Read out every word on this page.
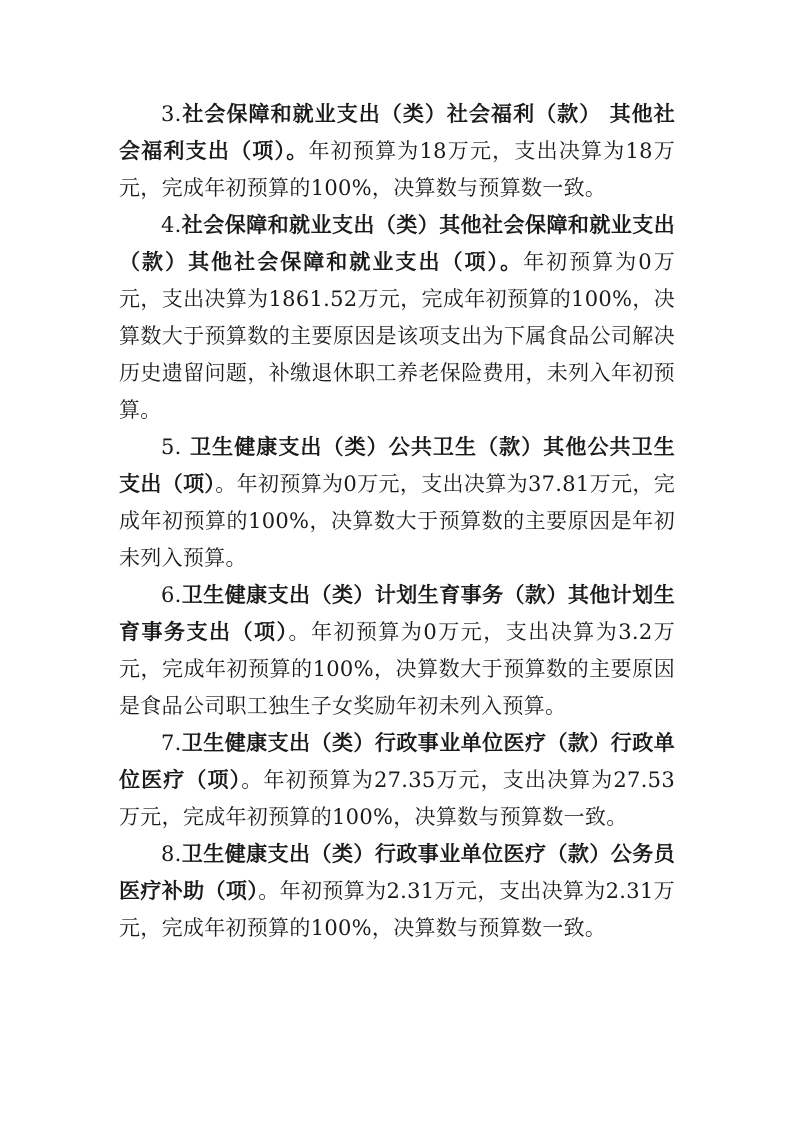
3.社会保障和就业支出（类）社会福利（款） 其他社会福利支出（项）。年初预算为18万元，支出决算为18万元，完成年初预算的100%，决算数与预算数一致。

4.社会保障和就业支出（类）其他社会保障和就业支出（款）其他社会保障和就业支出（项）。年初预算为0万元，支出决算为1861.52万元，完成年初预算的100%，决算数大于预算数的主要原因是该项支出为下属食品公司解决历史遗留问题，补缴退休职工养老保险费用，未列入年初预算。

5. 卫生健康支出（类）公共卫生（款）其他公共卫生支出（项）。年初预算为0万元，支出决算为37.81万元，完成年初预算的100%，决算数大于预算数的主要原因是年初未列入预算。

6.卫生健康支出（类）计划生育事务（款）其他计划生育事务支出（项）。年初预算为0万元，支出决算为3.2万元，完成年初预算的100%，决算数大于预算数的主要原因是食品公司职工独生子女奖励年初未列入预算。

7.卫生健康支出（类）行政事业单位医疗（款）行政单位医疗（项）。年初预算为27.35万元，支出决算为27.53万元，完成年初预算的100%，决算数与预算数一致。

8.卫生健康支出（类）行政事业单位医疗（款）公务员医疗补助（项）。年初预算为2.31万元，支出决算为2.31万元，完成年初预算的100%，决算数与预算数一致。
